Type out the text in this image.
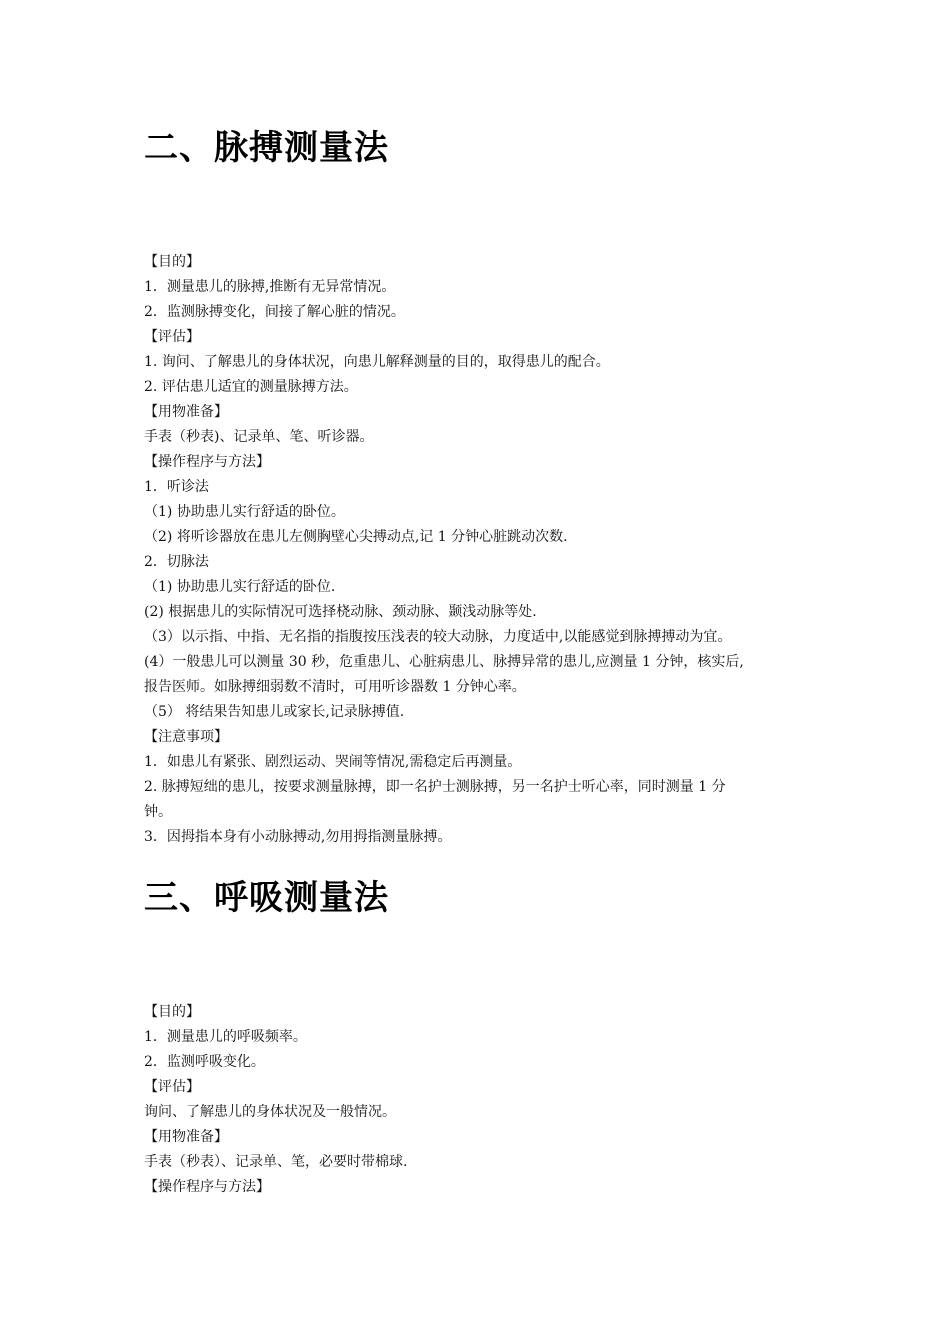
二、脉搏测量法
【目的】
1．测量患儿的脉搏,推断有无异常情况。
2．监测脉搏变化，间接了解心脏的情况。
【评估】
1. 询问、了解患儿的身体状况，向患儿解释测量的目的，取得患儿的配合。
2. 评估患儿适宜的测量脉搏方法。
【用物准备】
手表（秒表)、记录单、笔、听诊器。
【操作程序与方法】
1．听诊法
（1) 协助患儿实行舒适的卧位。
（2) 将听诊器放在患儿左侧胸壁心尖搏动点,记 1 分钟心脏跳动次数.
2．切脉法
（1) 协助患儿实行舒适的卧位.
(2) 根据患儿的实际情况可选择桡动脉、颈动脉、颞浅动脉等处.
（3）以示指、中指、无名指的指腹按压浅表的较大动脉，力度适中,以能感觉到脉搏搏动为宜。
(4）一般患儿可以测量 30 秒，危重患儿、心脏病患儿、脉搏异常的患儿,应测量 1 分钟，核实后,
报告医师。如脉搏细弱数不清时，可用听诊器数 1 分钟心率。
（5） 将结果告知患儿或家长,记录脉搏值.
【注意事项】
1．如患儿有紧张、剧烈运动、哭闹等情况,需稳定后再测量。
2. 脉搏短绌的患儿，按要求测量脉搏，即一名护士测脉搏，另一名护士听心率，同时测量 1 分
钟。
3．因拇指本身有小动脉搏动,勿用拇指测量脉搏。
三、呼吸测量法
【目的】
1．测量患儿的呼吸频率。
2．监测呼吸变化。
【评估】
询问、了解患儿的身体状况及一般情况。
【用物准备】
手表（秒表）、记录单、笔，必要时带棉球.
【操作程序与方法】
